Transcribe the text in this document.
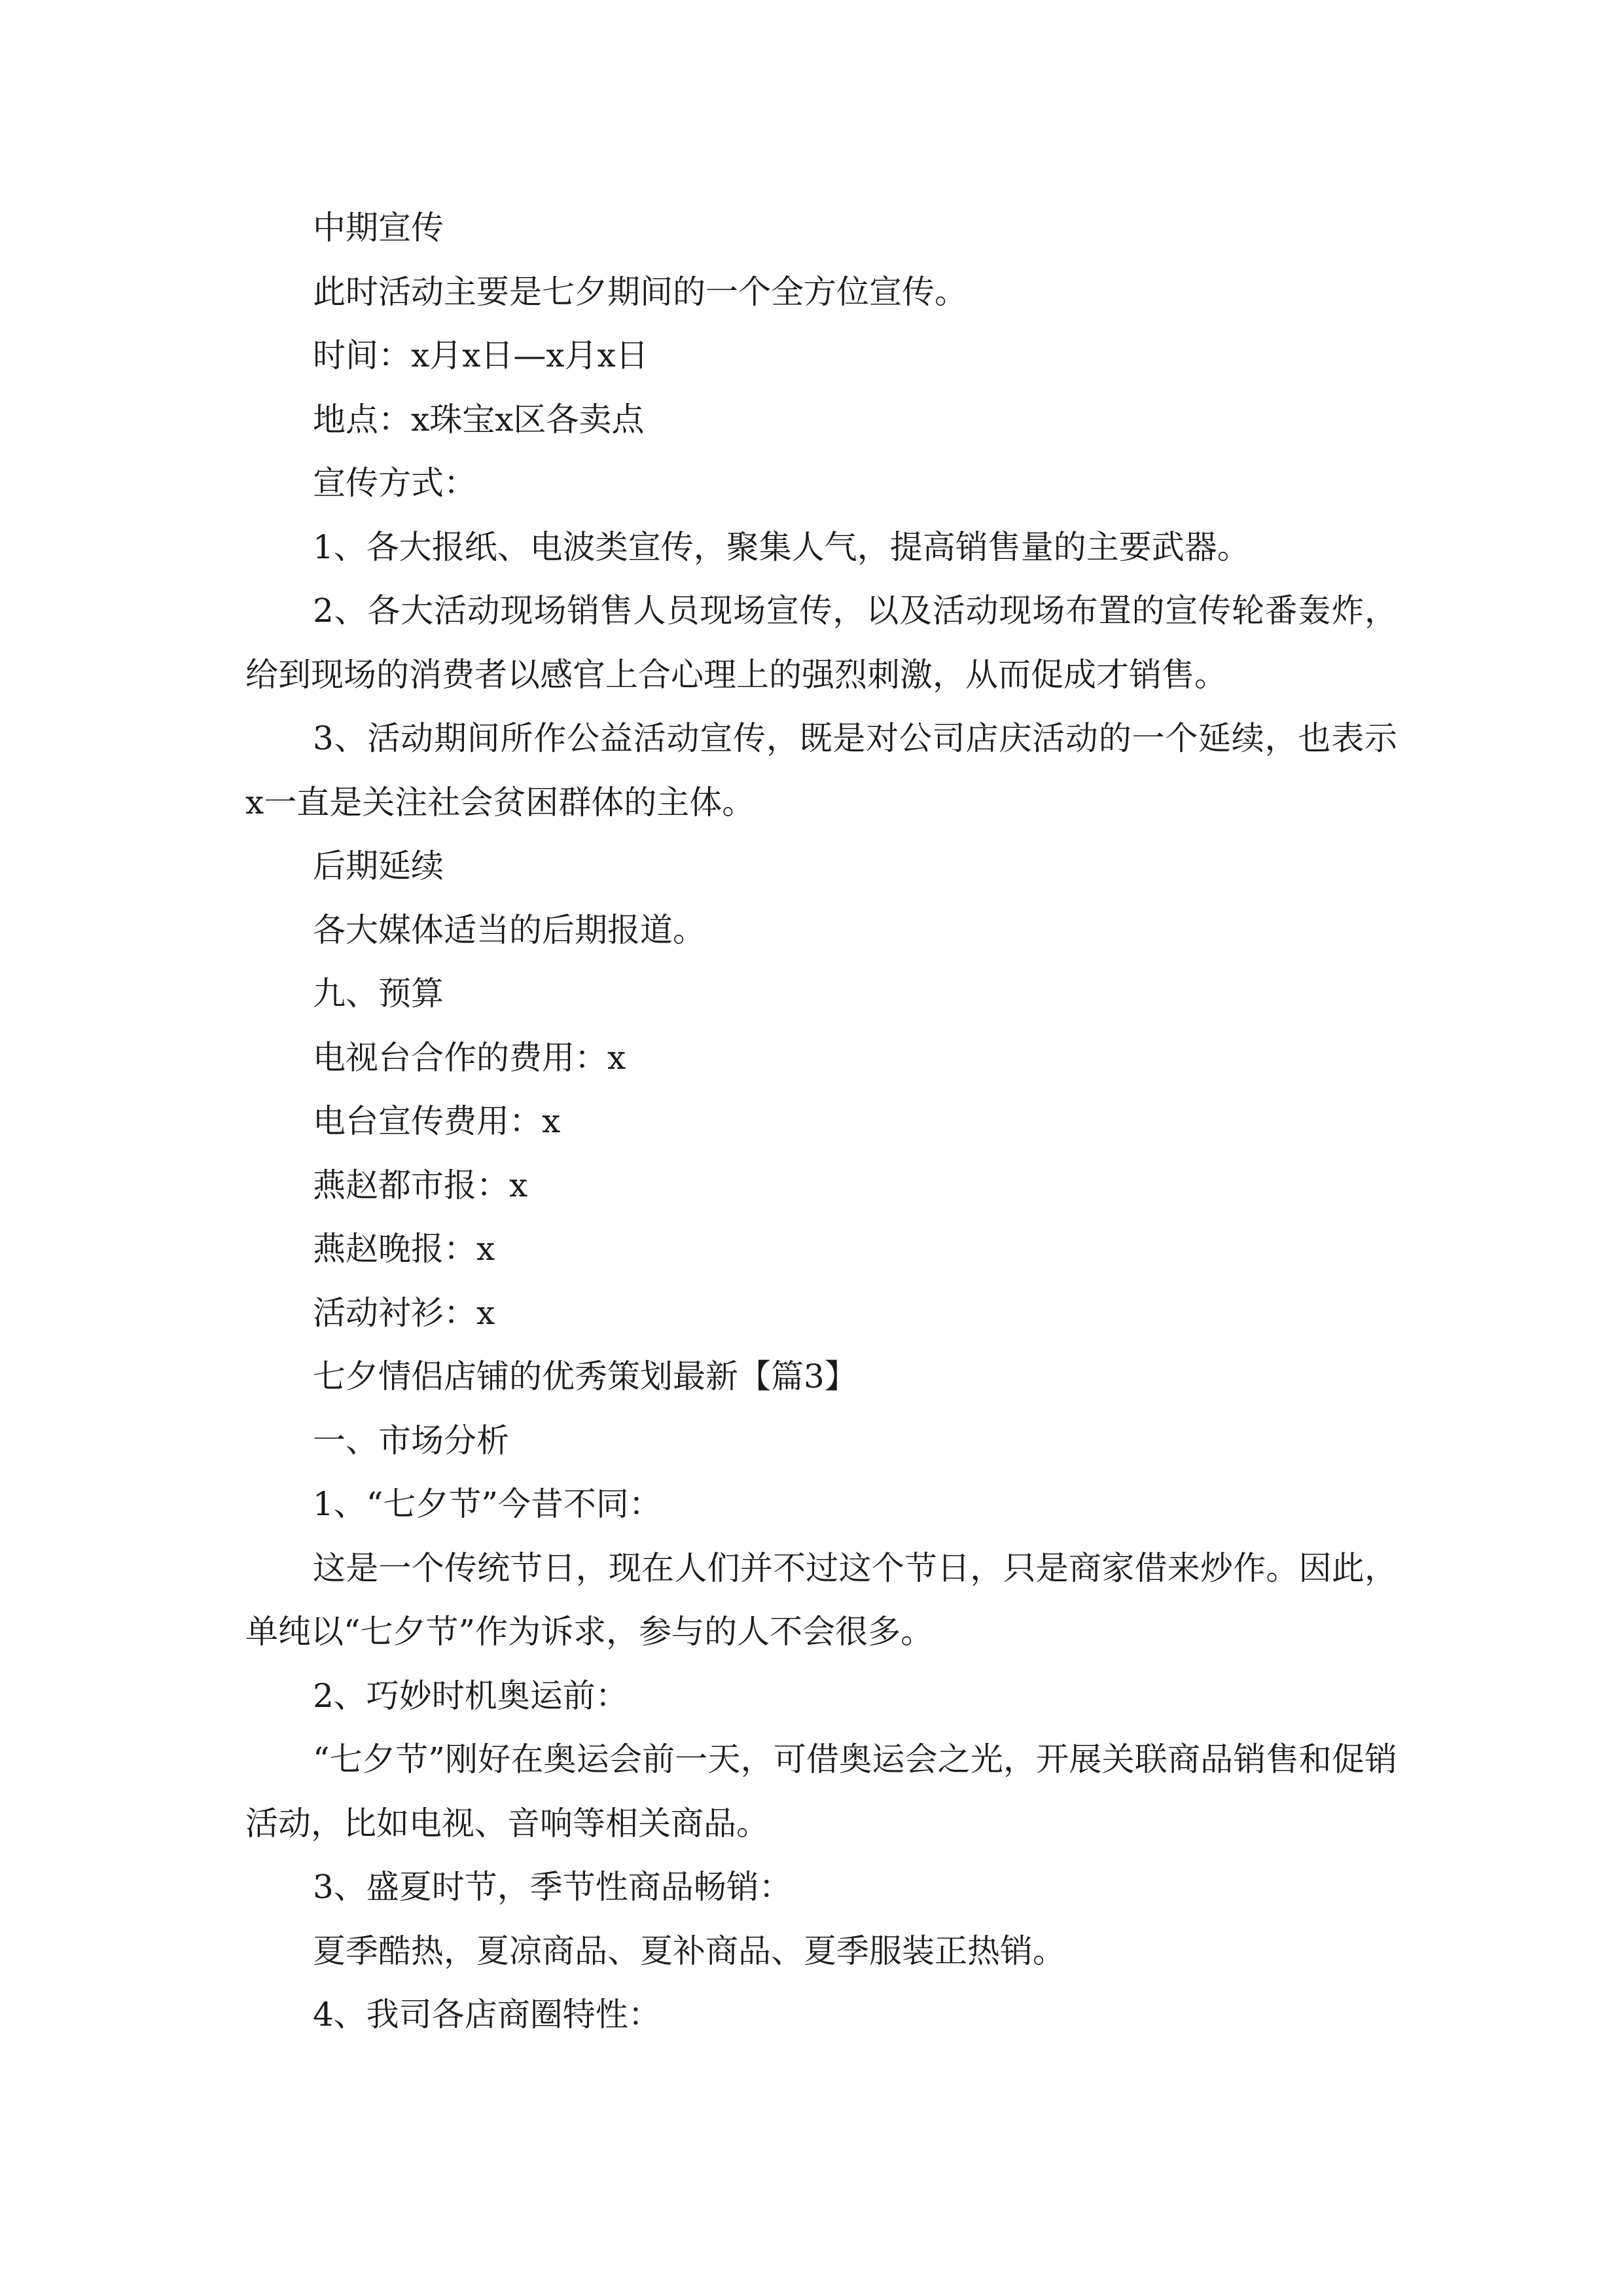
中期宣传

此时活动主要是七夕期间的一个全方位宣传。

时间：x月x日—x月x日

地点：x珠宝x区各卖点

宣传方式：

1、各大报纸、电波类宣传，聚集人气，提高销售量的主要武器。

2、各大活动现场销售人员现场宣传，以及活动现场布置的宣传轮番轰炸，给到现场的消费者以感官上合心理上的强烈刺激，从而促成才销售。

3、活动期间所作公益活动宣传，既是对公司店庆活动的一个延续，也表示x一直是关注社会贫困群体的主体。

后期延续

各大媒体适当的后期报道。

九、预算

电视台合作的费用：x

电台宣传费用：x

燕赵都市报：x

燕赵晚报：x

活动衬衫：x

七夕情侣店铺的优秀策划最新【篇3】

一、市场分析

1、“七夕节”今昔不同：

这是一个传统节日，现在人们并不过这个节日，只是商家借来炒作。因此，单纯以“七夕节”作为诉求，参与的人不会很多。

2、巧妙时机奥运前：

“七夕节”刚好在奥运会前一天，可借奥运会之光，开展关联商品销售和促销活动，比如电视、音响等相关商品。

3、盛夏时节，季节性商品畅销：

夏季酷热，夏凉商品、夏补商品、夏季服装正热销。

4、我司各店商圈特性：
